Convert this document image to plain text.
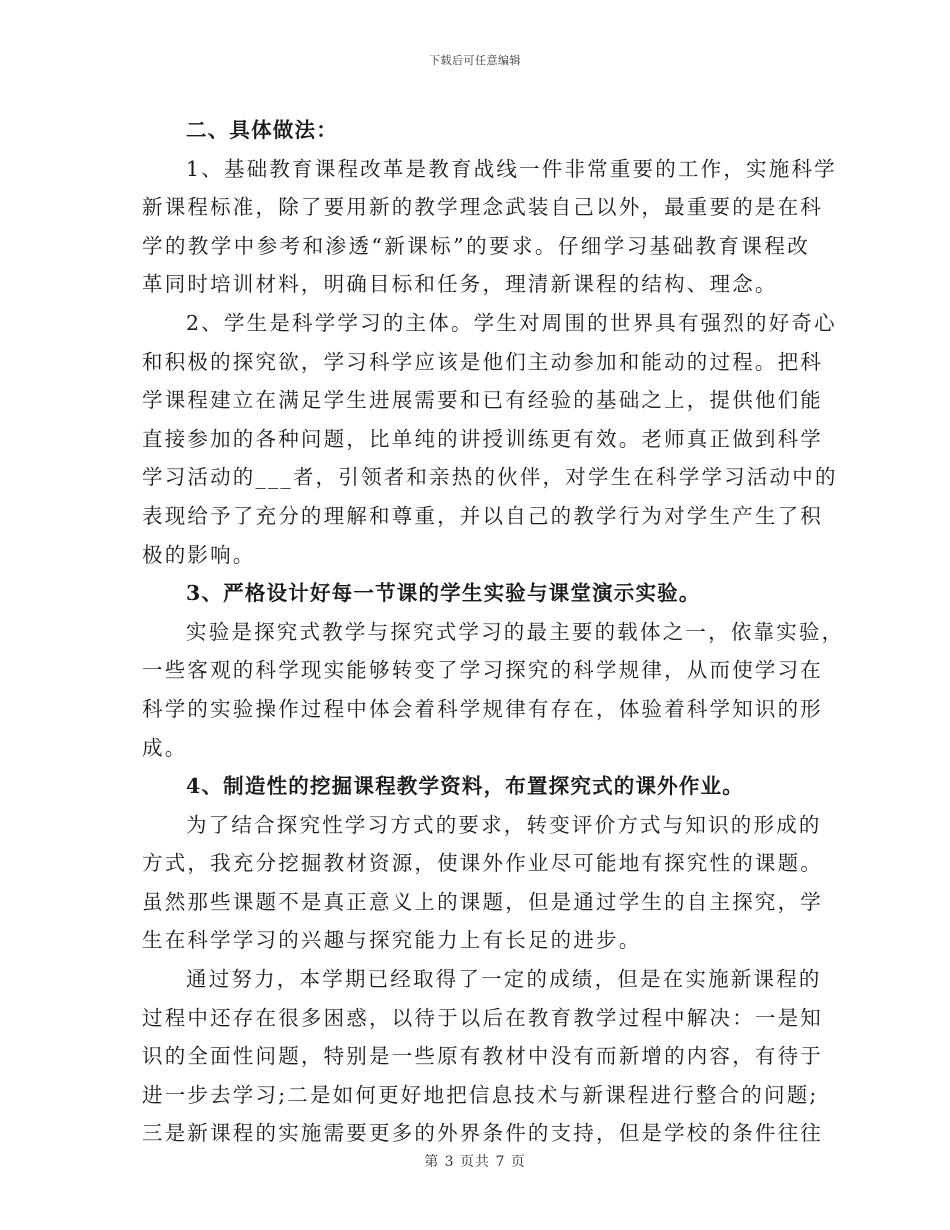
下载后可任意编辑
二、具体做法：
1、基础教育课程改革是教育战线一件非常重要的工作，实施科学
新课程标准，除了要用新的教学理念武装自己以外，最重要的是在科
学的教学中参考和渗透“新课标”的要求。仔细学习基础教育课程改
革同时培训材料，明确目标和任务，理清新课程的结构、理念。
2、学生是科学学习的主体。学生对周围的世界具有强烈的好奇心
和积极的探究欲，学习科学应该是他们主动参加和能动的过程。把科
学课程建立在满足学生进展需要和已有经验的基础之上，提供他们能
直接参加的各种问题，比单纯的讲授训练更有效。老师真正做到科学
学习活动的___者，引领者和亲热的伙伴，对学生在科学学习活动中的
表现给予了充分的理解和尊重，并以自己的教学行为对学生产生了积
极的影响。
3、严格设计好每一节课的学生实验与课堂演示实验。
实验是探究式教学与探究式学习的最主要的载体之一，依靠实验，
一些客观的科学现实能够转变了学习探究的科学规律，从而使学习在
科学的实验操作过程中体会着科学规律有存在，体验着科学知识的形
成。
4、制造性的挖掘课程教学资料，布置探究式的课外作业。
为了结合探究性学习方式的要求，转变评价方式与知识的形成的
方式，我充分挖掘教材资源，使课外作业尽可能地有探究性的课题。
虽然那些课题不是真正意义上的课题，但是通过学生的自主探究，学
生在科学学习的兴趣与探究能力上有长足的进步。
通过努力，本学期已经取得了一定的成绩，但是在实施新课程的
过程中还存在很多困惑，以待于以后在教育教学过程中解决：一是知
识的全面性问题，特别是一些原有教材中没有而新增的内容，有待于
进一步去学习;二是如何更好地把信息技术与新课程进行整合的问题;
三是新课程的实施需要更多的外界条件的支持，但是学校的条件往往
第 3 页共 7 页
